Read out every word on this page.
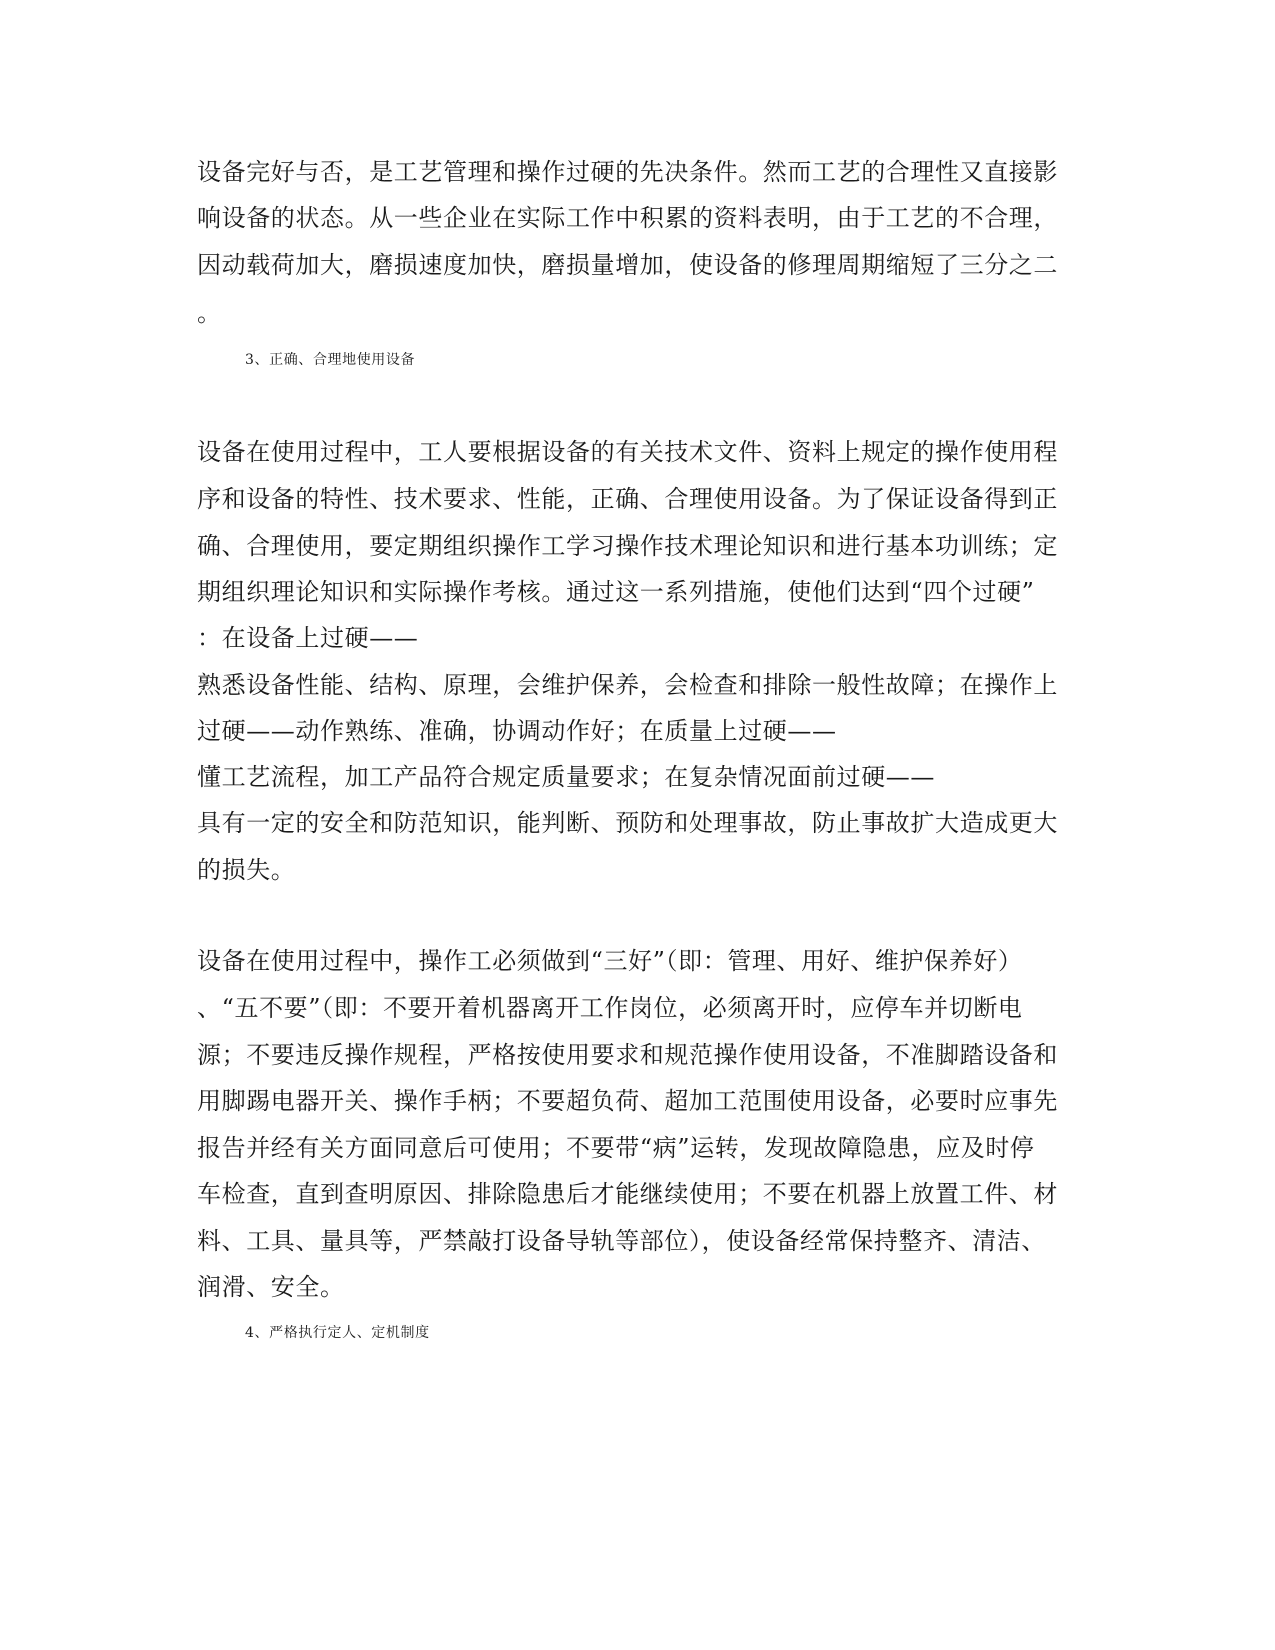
设备完好与否，是工艺管理和操作过硬的先决条件。然而工艺的合理性又直接影
响设备的状态。从一些企业在实际工作中积累的资料表明，由于工艺的不合理，
因动载荷加大，磨损速度加快，磨损量增加，使设备的修理周期缩短了三分之二
。
3、正确、合理地使用设备
设备在使用过程中，工人要根据设备的有关技术文件、资料上规定的操作使用程
序和设备的特性、技术要求、性能，正确、合理使用设备。为了保证设备得到正
确、合理使用，要定期组织操作工学习操作技术理论知识和进行基本功训练；定
期组织理论知识和实际操作考核。通过这一系列措施，使他们达到“四个过硬”
：在设备上过硬——
熟悉设备性能、结构、原理，会维护保养，会检查和排除一般性故障；在操作上
过硬——动作熟练、准确，协调动作好；在质量上过硬——
懂工艺流程，加工产品符合规定质量要求；在复杂情况面前过硬——
具有一定的安全和防范知识，能判断、预防和处理事故，防止事故扩大造成更大
的损失。
设备在使用过程中，操作工必须做到“三好”（即：管理、用好、维护保养好）
、“五不要”（即：不要开着机器离开工作岗位，必须离开时，应停车并切断电
源；不要违反操作规程，严格按使用要求和规范操作使用设备，不准脚踏设备和
用脚踢电器开关、操作手柄；不要超负荷、超加工范围使用设备，必要时应事先
报告并经有关方面同意后可使用；不要带“病”运转，发现故障隐患，应及时停
车检查，直到查明原因、排除隐患后才能继续使用；不要在机器上放置工件、材
料、工具、量具等，严禁敲打设备导轨等部位），使设备经常保持整齐、清洁、
润滑、安全。
4、严格执行定人、定机制度
